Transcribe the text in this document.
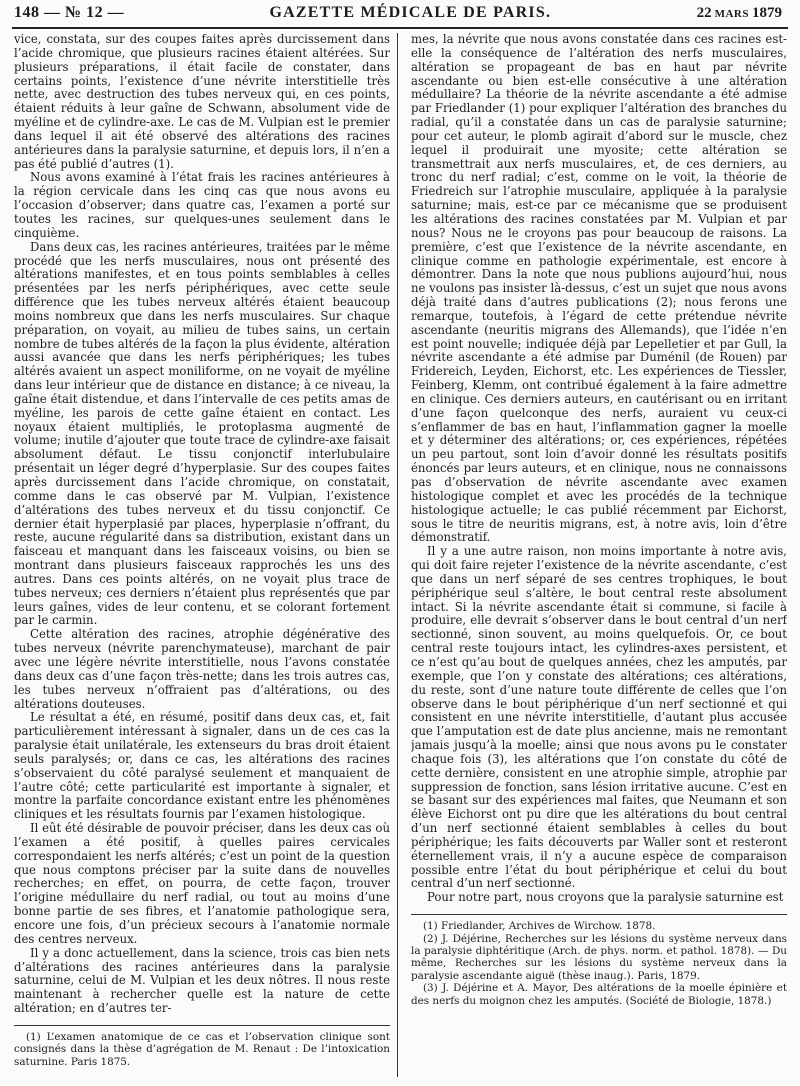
148 — № 12 —	GAZETTE MÉDICALE DE PARIS.	22 MARS 1879

vice, constata, sur des coupes faites après durcissement dans l’acide chromique, que plusieurs racines étaient altérées. Sur plusieurs préparations, il était facile de constater, dans certains points, l’existence d’une névrite interstitielle très nette, avec destruction des tubes nerveux qui, en ces points, étaient réduits à leur gaîne de Schwann, absolument vide de myéline et de cylindre-axe. Le cas de M. Vulpian est le premier dans lequel il ait été observé des altérations des racines antérieures dans la paralysie saturnine, et depuis lors, il n’en a pas été publié d’autres (1).

Nous avons examiné à l’état frais les racines antérieures à la région cervicale dans les cinq cas que nous avons eu l’occasion d’observer; dans quatre cas, l’examen a porté sur toutes les racines, sur quelques-unes seulement dans le cinquième.

Dans deux cas, les racines antérieures, traitées par le même procédé que les nerfs musculaires, nous ont présenté des altérations manifestes, et en tous points semblables à celles présentées par les nerfs périphériques, avec cette seule différence que les tubes nerveux altérés étaient beaucoup moins nombreux que dans les nerfs musculaires. Sur chaque préparation, on voyait, au milieu de tubes sains, un certain nombre de tubes altérés de la façon la plus évidente, altération aussi avancée que dans les nerfs périphériques; les tubes altérés avaient un aspect moniliforme, on ne voyait de myéline dans leur intérieur que de distance en distance; à ce niveau, la gaîne était distendue, et dans l’intervalle de ces petits amas de myéline, les parois de cette gaîne étaient en contact. Les noyaux étaient multipliés, le protoplasma augmenté de volume; inutile d’ajouter que toute trace de cylindre-axe faisait absolument défaut. Le tissu conjonctif interlubulaire présentait un léger degré d’hyperplasie. Sur des coupes faites après durcissement dans l’acide chromique, on constatait, comme dans le cas observé par M. Vulpian, l’existence d’altérations des tubes nerveux et du tissu conjonctif. Ce dernier était hyperplasié par places, hyperplasie n’offrant, du reste, aucune régularité dans sa distribution, existant dans un faisceau et manquant dans les faisceaux voisins, ou bien se montrant dans plusieurs faisceaux rapprochés les uns des autres. Dans ces points altérés, on ne voyait plus trace de tubes nerveux; ces derniers n’étaient plus représentés que par leurs gaînes, vides de leur contenu, et se colorant fortement par le carmin.

Cette altération des racines, atrophie dégénérative des tubes nerveux (névrite parenchymateuse), marchant de pair avec une légère névrite interstitielle, nous l’avons constatée dans deux cas d’une façon très-nette; dans les trois autres cas, les tubes nerveux n’offraient pas d’altérations, ou des altérations douteuses.

Le résultat a été, en résumé, positif dans deux cas, et, fait particulièrement intéressant à signaler, dans un de ces cas la paralysie était unilatérale, les extenseurs du bras droit étaient seuls paralysés; or, dans ce cas, les altérations des racines s’observaient du côté paralysé seulement et manquaient de l’autre côté; cette particularité est importante à signaler, et montre la parfaite concordance existant entre les phénomènes cliniques et les résultats fournis par l’examen histologique.

Il eût été désirable de pouvoir préciser, dans les deux cas où l’examen a été positif, à quelles paires cervicales correspondaient les nerfs altérés; c’est un point de la question que nous comptons préciser par la suite dans de nouvelles recherches; en effet, on pourra, de cette façon, trouver l’origine médullaire du nerf radial, ou tout au moins d’une bonne partie de ses fibres, et l’anatomie pathologique sera, encore une fois, d’un précieux secours à l’anatomie normale des centres nerveux.

Il y a donc actuellement, dans la science, trois cas bien nets d’altérations des racines antérieures dans la paralysie saturnine, celui de M. Vulpian et les deux nôtres. Il nous reste maintenant à rechercher quelle est la nature de cette altération; en d’autres ter-

(1) L’examen anatomique de ce cas et l’observation clinique sont consignés dans la thèse d’agrégation de M. Renaut : De l’intoxication saturnine. Paris 1875.

mes, la névrite que nous avons constatée dans ces racines est-elle la conséquence de l’altération des nerfs musculaires, altération se propageant de bas en haut par névrite ascendante ou bien est-elle consécutive à une altération médullaire? La théorie de la névrite ascendante a été admise par Friedlander (1) pour expliquer l’altération des branches du radial, qu’il a constatée dans un cas de paralysie saturnine; pour cet auteur, le plomb agirait d’abord sur le muscle, chez lequel il produirait une myosite; cette altération se transmettrait aux nerfs musculaires, et, de ces derniers, au tronc du nerf radial; c’est, comme on le voit, la théorie de Friedreich sur l’atrophie musculaire, appliquée à la paralysie saturnine; mais, est-ce par ce mécanisme que se produisent les altérations des racines constatées par M. Vulpian et par nous? Nous ne le croyons pas pour beaucoup de raisons. La première, c’est que l’existence de la névrite ascendante, en clinique comme en pathologie expérimentale, est encore à démontrer. Dans la note que nous publions aujourd’hui, nous ne voulons pas insister là-dessus, c’est un sujet que nous avons déjà traité dans d’autres publications (2); nous ferons une remarque, toutefois, à l’égard de cette prétendue névrite ascendante (neuritis migrans des Allemands), que l’idée n’en est point nouvelle; indiquée déjà par Lepelletier et par Gull, la névrite ascendante a été admise par Duménil (de Rouen) par Fridereich, Leyden, Eichorst, etc. Les expériences de Tiessler, Feinberg, Klemm, ont contribué également à la faire admettre en clinique. Ces derniers auteurs, en cautérisant ou en irritant d’une façon quelconque des nerfs, auraient vu ceux-ci s’enflammer de bas en haut, l’inflammation gagner la moelle et y déterminer des altérations; or, ces expériences, répétées un peu partout, sont loin d’avoir donné les résultats positifs énoncés par leurs auteurs, et en clinique, nous ne connaissons pas d’observation de névrite ascendante avec examen histologique complet et avec les procédés de la technique histologique actuelle; le cas publié récemment par Eichorst, sous le titre de neuritis migrans, est, à notre avis, loin d’être démonstratif.

Il y a une autre raison, non moins importante à notre avis, qui doit faire rejeter l’existence de la névrite ascendante, c’est que dans un nerf séparé de ses centres trophiques, le bout périphérique seul s’altère, le bout central reste absolument intact. Si la névrite ascendante était si commune, si facile à produire, elle devrait s’observer dans le bout central d’un nerf sectionné, sinon souvent, au moins quelquefois. Or, ce bout central reste toujours intact, les cylindres-axes persistent, et ce n’est qu’au bout de quelques années, chez les amputés, par exemple, que l’on y constate des altérations; ces altérations, du reste, sont d’une nature toute différente de celles que l’on observe dans le bout périphérique d’un nerf sectionné et qui consistent en une névrite interstitielle, d’autant plus accusée que l’amputation est de date plus ancienne, mais ne remontant jamais jusqu’à la moelle; ainsi que nous avons pu le constater chaque fois (3), les altérations que l’on constate du côté de cette dernière, consistent en une atrophie simple, atrophie par suppression de fonction, sans lésion irritative aucune. C’est en se basant sur des expériences mal faites, que Neumann et son élève Eichorst ont pu dire que les altérations du bout central d’un nerf sectionné étaient semblables à celles du bout périphérique; les faits découverts par Waller sont et resteront éternellement vrais, il n’y a aucune espèce de comparaison possible entre l’état du bout périphérique et celui du bout central d’un nerf sectionné.

Pour notre part, nous croyons que la paralysie saturnine est

(1) Friedlander, Archives de Wirchow. 1878.

(2) J. Déjérine, Recherches sur les lésions du système nerveux dans la paralysie diphtéritique (Arch. de phys. norm. et pathol. 1878). — Du même, Recherches sur les lésions du système nerveux dans la paralysie ascendante aiguë (thèse inaug.). Paris, 1879.

(3) J. Déjérine et A. Mayor, Des altérations de la moelle épinière et des nerfs du moignon chez les amputés. (Société de Biologie, 1878.)
